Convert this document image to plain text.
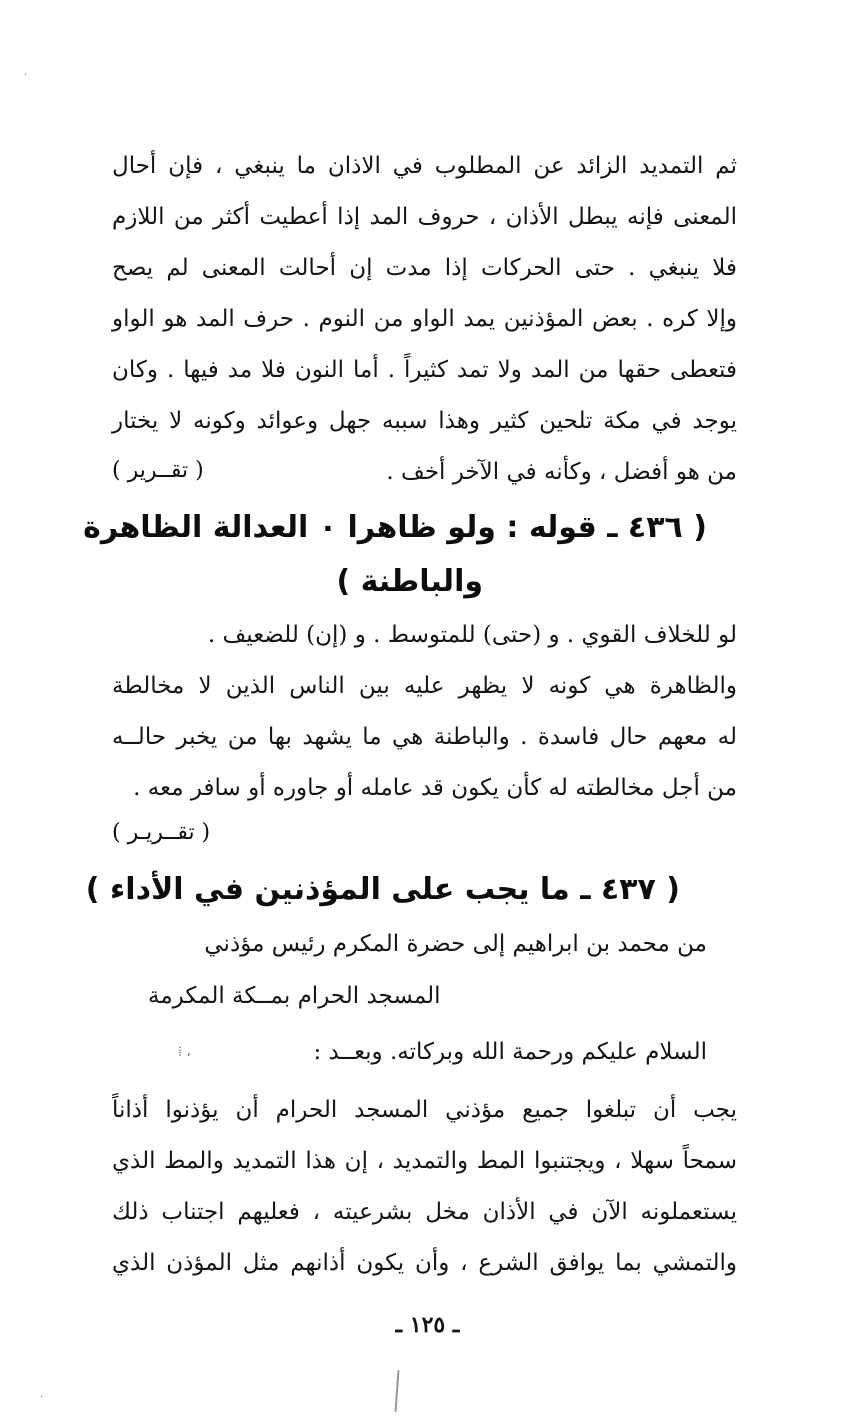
ثم التمديد الزائد عن المطلوب في الاذان ما ينبغي ، فإن أحال
المعنى فإنه يبطل الأذان ، حروف المد إذا أعطيت أكثر من اللازم
فلا ينبغي . حتى الحركات إذا مدت إن أحالت المعنى لم يصح
وإلا كره . بعض المؤذنين يمد الواو من النوم . حرف المد هو الواو
فتعطى حقها من المد ولا تمد كثيراً . أما النون فلا مد فيها . وكان
يوجد في مكة تلحين كثير وهذا سببه جهل وعوائد وكونه لا يختار
من هو أفضل ، وكأنه في الآخر أخف .
( تقــرير )
( ٤٣٦ ـ قوله : ولو ظاهرا ٠ العدالة الظاهرة
والباطنة )
لو للخلاف القوي . و (حتى) للمتوسط . و (إن) للضعيف .
والظاهرة هي كونه لا يظهر عليه بين الناس الذين لا مخالطة
له معهم حال فاسدة . والباطنة هي ما يشهد بها من يخبر حالــه
من أجل مخالطته له كأن يكون قد عامله أو جاوره أو سافر معه .
( تقــريـر )
( ٤٣٧ ـ ما يجب على المؤذنين في الأداء )
من محمد بن ابراهيم إلى حضرة المكرم رئيس مؤذني
المسجد الحرام بمــكة المكرمة
السلام عليكم ورحمة الله وبركاته. وبعــد :
⁞ ،
يجب أن تبلغوا جميع مؤذني المسجد الحرام أن يؤذنوا أذاناً
سمحاً سهلا ، ويجتنبوا المط والتمديد ، إن هذا التمديد والمط الذي
يستعملونه الآن في الأذان مخل بشرعيته ، فعليهم اجتناب ذلك
والتمشي بما يوافق الشرع ، وأن يكون أذانهم مثل المؤذن الذي
ـ ١٢٥ ـ
·
·
